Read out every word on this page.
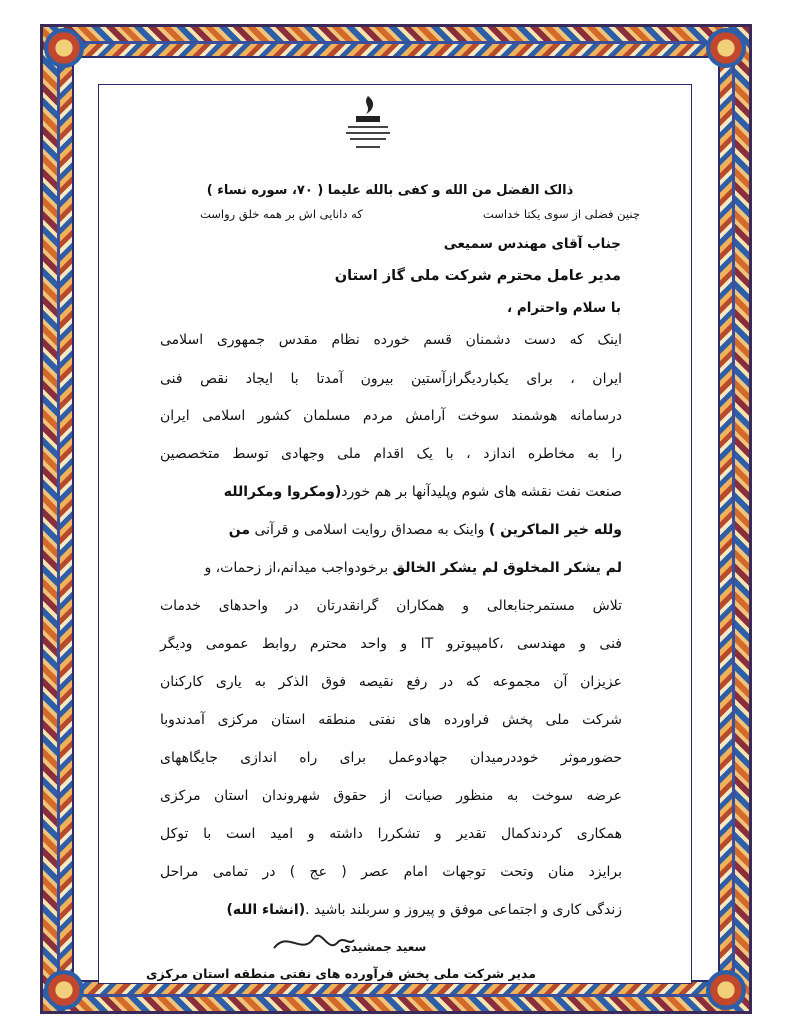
ذالک الفضل من الله و کفی بالله علیما ( ۷۰، سوره نساء )
چنین فضلی از سوی یکتا خداست
که دانایی اش بر همه خلق رواست
جناب آقای مهندس سمیعی
مدیر عامل محترم شرکت ملی گاز استان
با سلام واحترام ،
اینک که دست دشمنان قسم خورده نظام مقدس جمهوری اسلامی
ایران ، برای یکباردیگرازآستین بیرون آمدتا با ایجاد نقص فنی
درسامانه هوشمند سوخت آرامش مردم مسلمان کشور اسلامی ایران
را به مخاطره اندازد ، با یک اقدام ملی وجهادی توسط متخصصین
صنعت نفت نقشه های شوم وپلیدآنها بر هم خورد(ومکروا ومکرالله
ولله خیر الماکرین ) واینک به مصداق روایت اسلامی و قرآنی من
لم یشکر المخلوق لم یشکر الخالق برخودواجب میدانم،از زحمات، و
تلاش مستمرجنابعالی و همکاران گرانقدرتان در واحدهای خدمات
فنی و مهندسی ،کامپیوترو IT و واحد محترم روابط عمومی ودیگر
عزیزان آن مجموعه که در رفع نقیصه فوق الذکر به یاری کارکنان
شرکت ملی پخش فراورده های نفتی منطقه استان مرکزی آمدندوبا
حضورموثر خوددرمیدان جهادوعمل برای راه اندازی جایگاههای
عرضه سوخت به منظور صیانت از حقوق شهروندان استان مرکزی
همکاری کردندکمال تقدیر و تشکررا داشته و امید است با توکل
برایزد منان وتحت توجهات امام عصر ( عج ) در تمامی مراحل
زندگی کاری و اجتماعی موفق و پیروز و سربلند باشید .(انشاء الله)
سعید جمشیدی
مدیر شرکت ملی پخش فرآورده های نفتی منطقه استان مرکزی
